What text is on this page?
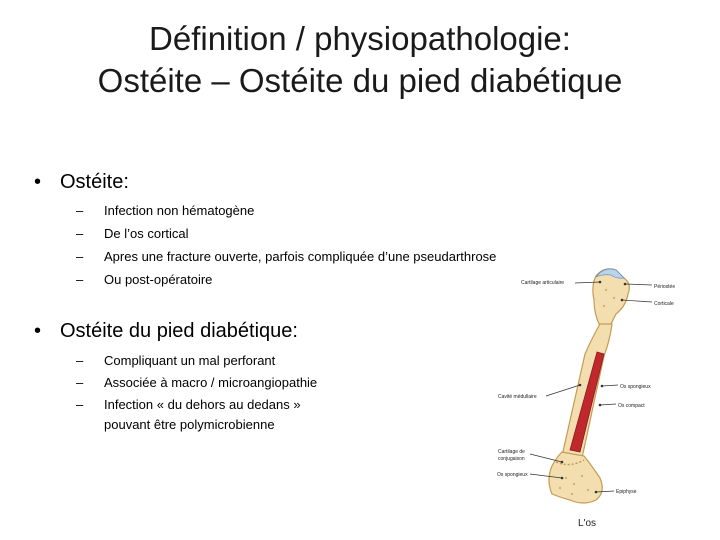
Définition / physiopathologie:
Ostéite – Ostéite du pied diabétique
• Ostéite:
– Infection non hématogène
– De l’os cortical
– Apres une fracture ouverte, parfois compliquée d’une pseudarthrose
– Ou post-opératoire
• Ostéite du pied diabétique:
– Compliquant un mal perforant
– Associée à macro / microangiopathie
– Infection « du dehors au dedans »
pouvant être polymicrobienne
Cartilage articulaire
Périostée
Corticale
Cavité médullaire
Os spongieux
Os compact
Cartilage de
conjugaison
Os spongieux
Epiphyse
L'os
